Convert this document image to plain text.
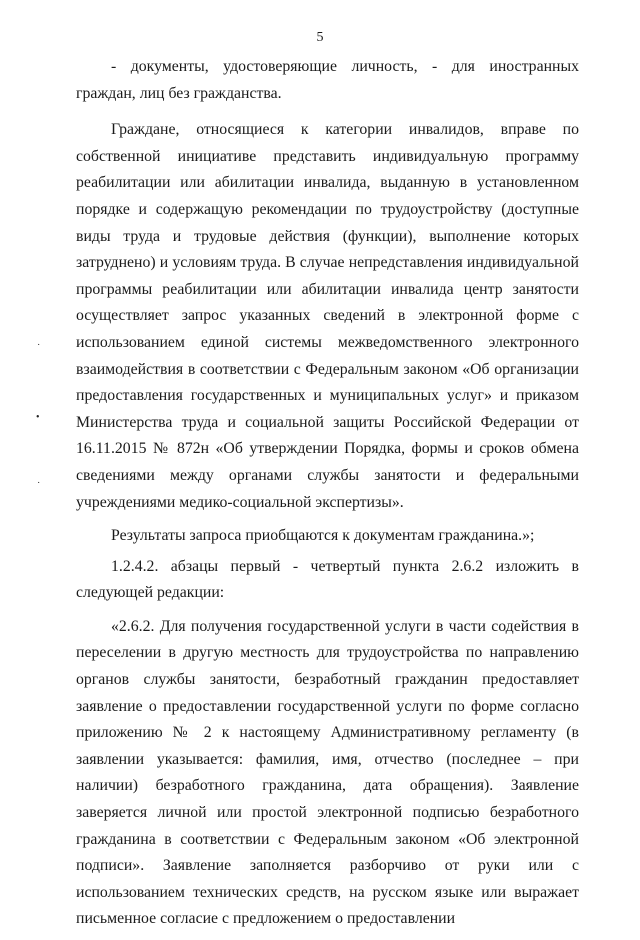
5

- документы, удостоверяющие личность, - для иностранных граждан, лиц без гражданства.

Граждане, относящиеся к категории инвалидов, вправе по собственной инициативе представить индивидуальную программу реабилитации или абилитации инвалида, выданную в установленном порядке и содержащую рекомендации по трудоустройству (доступные виды труда и трудовые действия (функции), выполнение которых затруднено) и условиям труда. В случае непредставления индивидуальной программы реабилитации или абилитации инвалида центр занятости осуществляет запрос указанных сведений в электронной форме с использованием единой системы межведомственного электронного взаимодействия в соответствии с Федеральным законом «Об организации предоставления государственных и муниципальных услуг» и приказом Министерства труда и социальной защиты Российской Федерации от 16.11.2015 № 872н «Об утверждении Порядка, формы и сроков обмена сведениями между органами службы занятости и федеральными учреждениями медико-социальной экспертизы».

Результаты запроса приобщаются к документам гражданина.»;

1.2.4.2. абзацы первый - четвертый пункта 2.6.2 изложить в следующей редакции:

«2.6.2. Для получения государственной услуги в части содействия в переселении в другую местность для трудоустройства по направлению органов службы занятости, безработный гражданин предоставляет заявление о предоставлении государственной услуги по форме согласно приложению № 2 к настоящему Административному регламенту (в заявлении указывается: фамилия, имя, отчество (последнее – при наличии) безработного гражданина, дата обращения). Заявление заверяется личной или простой электронной подписью безработного гражданина в соответствии с Федеральным законом «Об электронной подписи». Заявление заполняется разборчиво от руки или с использованием технических средств, на русском языке или выражает письменное согласие с предложением о предоставлении

˙
•
˙
